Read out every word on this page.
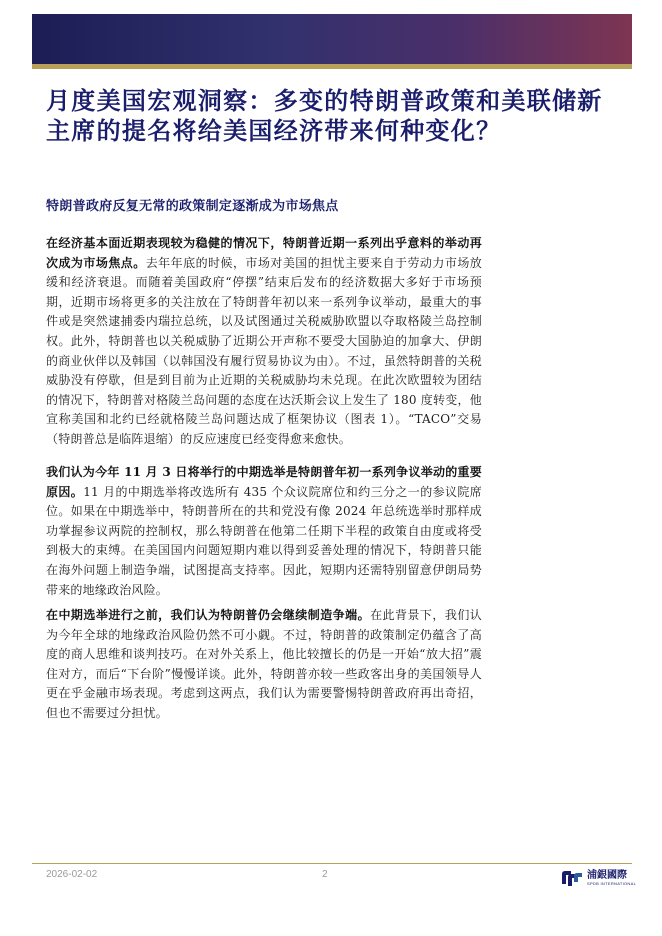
月度美国宏观洞察：多变的特朗普政策和美联储新主席的提名将给美国经济带来何种变化？
特朗普政府反复无常的政策制定逐渐成为市场焦点

在经济基本面近期表现较为稳健的情况下，特朗普近期一系列出乎意料的举动再次成为市场焦点。去年年底的时候，市场对美国的担忧主要来自于劳动力市场放缓和经济衰退。而随着美国政府“停摆”结束后发布的经济数据大多好于市场预期，近期市场将更多的关注放在了特朗普年初以来一系列争议举动，最重大的事件或是突然逮捕委内瑞拉总统，以及试图通过关税威胁欧盟以夺取格陵兰岛控制权。此外，特朗普也以关税威胁了近期公开声称不要受大国胁迫的加拿大、伊朗的商业伙伴以及韩国（以韩国没有履行贸易协议为由）。不过，虽然特朗普的关税威胁没有停歇，但是到目前为止近期的关税威胁均未兑现。在此次欧盟较为团结的情况下，特朗普对格陵兰岛问题的态度在达沃斯会议上发生了 180 度转变，他宣称美国和北约已经就格陵兰岛问题达成了框架协议（图表 1）。“TACO”交易（特朗普总是临阵退缩）的反应速度已经变得愈来愈快。

我们认为今年 11 月 3 日将举行的中期选举是特朗普年初一系列争议举动的重要原因。11 月的中期选举将改选所有 435 个众议院席位和约三分之一的参议院席位。如果在中期选举中，特朗普所在的共和党没有像 2024 年总统选举时那样成功掌握参议两院的控制权，那么特朗普在他第二任期下半程的政策自由度或将受到极大的束缚。在美国国内问题短期内难以得到妥善处理的情况下，特朗普只能在海外问题上制造争端，试图提高支持率。因此，短期内还需特别留意伊朗局势带来的地缘政治风险。

在中期选举进行之前，我们认为特朗普仍会继续制造争端。在此背景下，我们认为今年全球的地缘政治风险仍然不可小觑。不过，特朗普的政策制定仍蕴含了高度的商人思维和谈判技巧。在对外关系上，他比较擅长的仍是一开始“放大招”震住对方，而后“下台阶”慢慢详谈。此外，特朗普亦较一些政客出身的美国领导人更在乎金融市场表现。考虑到这两点，我们认为需要警惕特朗普政府再出奇招，但也不需要过分担忧。

2026-02-02	2	浦銀國際
SPDB INTERNATIONAL
